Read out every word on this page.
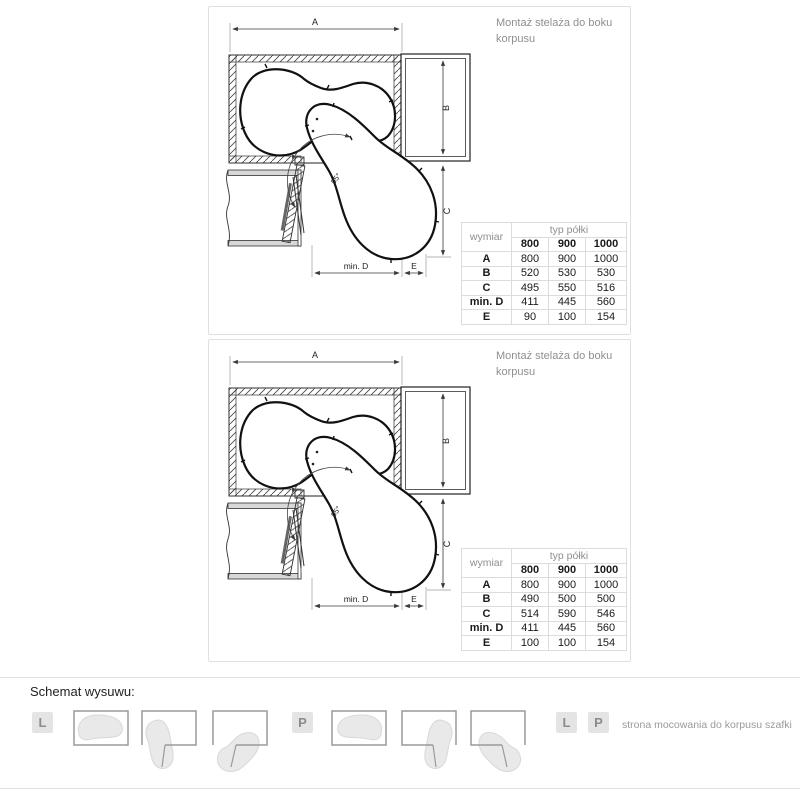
Montaż stelaża do boku korpusu
A
B
C
min. D	E
95°
wymiar	typ półki		
	800	900	1000
A	800	900	1000
B	520	530	530
C	495	550	516
min. D	411	445	560
E	90	100	154
Montaż stelaża do boku korpusu
A
B
C
min. D	E
95°
wymiar	typ półki		
	800	900	1000
A	800	900	1000
B	490	500	500
C	514	590	546
min. D	411	445	560
E	100	100	154
Schemat wysuwu:
L	P	L	P	strona mocowania do korpusu szafki
